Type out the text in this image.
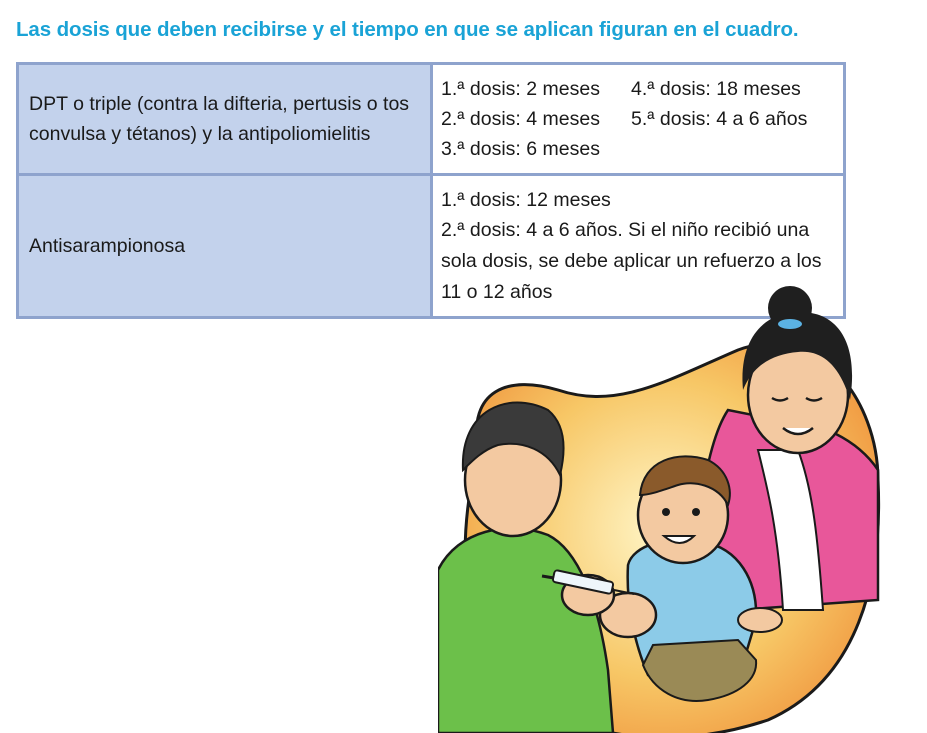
Las dosis que deben recibirse y el tiempo en que se aplican figuran en el cuadro.
DPT o triple (contra la difteria, pertusis o tos convulsa y tétanos) y la antipoliomielitis	1.ª dosis: 2 meses 4.ª dosis: 18 meses
2.ª dosis: 4 meses 5.ª dosis: 4 a 6 años
3.ª dosis: 6 meses

Antisarampionosa	1.ª dosis: 12 meses
2.ª dosis: 4 a 6 años. Si el niño recibió una sola dosis, se debe aplicar un refuerzo a los 11 o 12 años
